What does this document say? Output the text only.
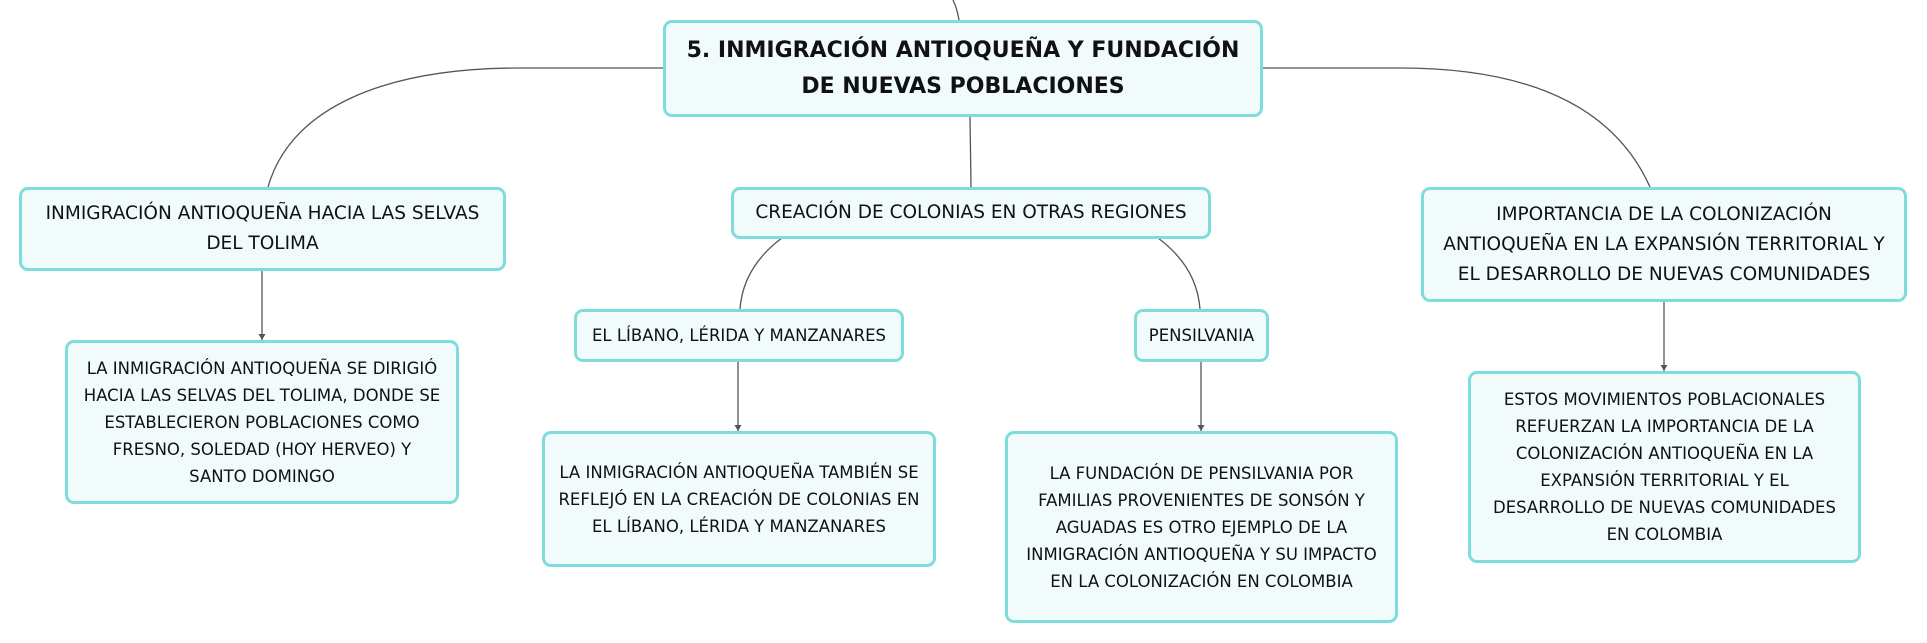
5. INMIGRACIÓN ANTIOQUEÑA Y FUNDACIÓN DE NUEVAS POBLACIONES
INMIGRACIÓN ANTIOQUEÑA HACIA LAS SELVAS DEL TOLIMA
CREACIÓN DE COLONIAS EN OTRAS REGIONES	IMPORTANCIA DE LA COLONIZACIÓN ANTIOQUEÑA EN LA EXPANSIÓN TERRITORIAL Y EL DESARROLLO DE NUEVAS COMUNIDADES
EL LÍBANO, LÉRIDA Y MANZANARES	PENSILVANIA
LA INMIGRACIÓN ANTIOQUEÑA SE DIRIGIÓ HACIA LAS SELVAS DEL TOLIMA, DONDE SE ESTABLECIERON POBLACIONES COMO FRESNO, SOLEDAD (HOY HERVEO) Y SANTO DOMINGO	LA INMIGRACIÓN ANTIOQUEÑA TAMBIÉN SE REFLEJÓ EN LA CREACIÓN DE COLONIAS EN EL LÍBANO, LÉRIDA Y MANZANARES
LA FUNDACIÓN DE PENSILVANIA POR FAMILIAS PROVENIENTES DE SONSÓN Y AGUADAS ES OTRO EJEMPLO DE LA INMIGRACIÓN ANTIOQUEÑA Y SU IMPACTO EN LA COLONIZACIÓN EN COLOMBIA
ESTOS MOVIMIENTOS POBLACIONALES REFUERZAN LA IMPORTANCIA DE LA COLONIZACIÓN ANTIOQUEÑA EN LA EXPANSIÓN TERRITORIAL Y EL DESARROLLO DE NUEVAS COMUNIDADES EN COLOMBIA
